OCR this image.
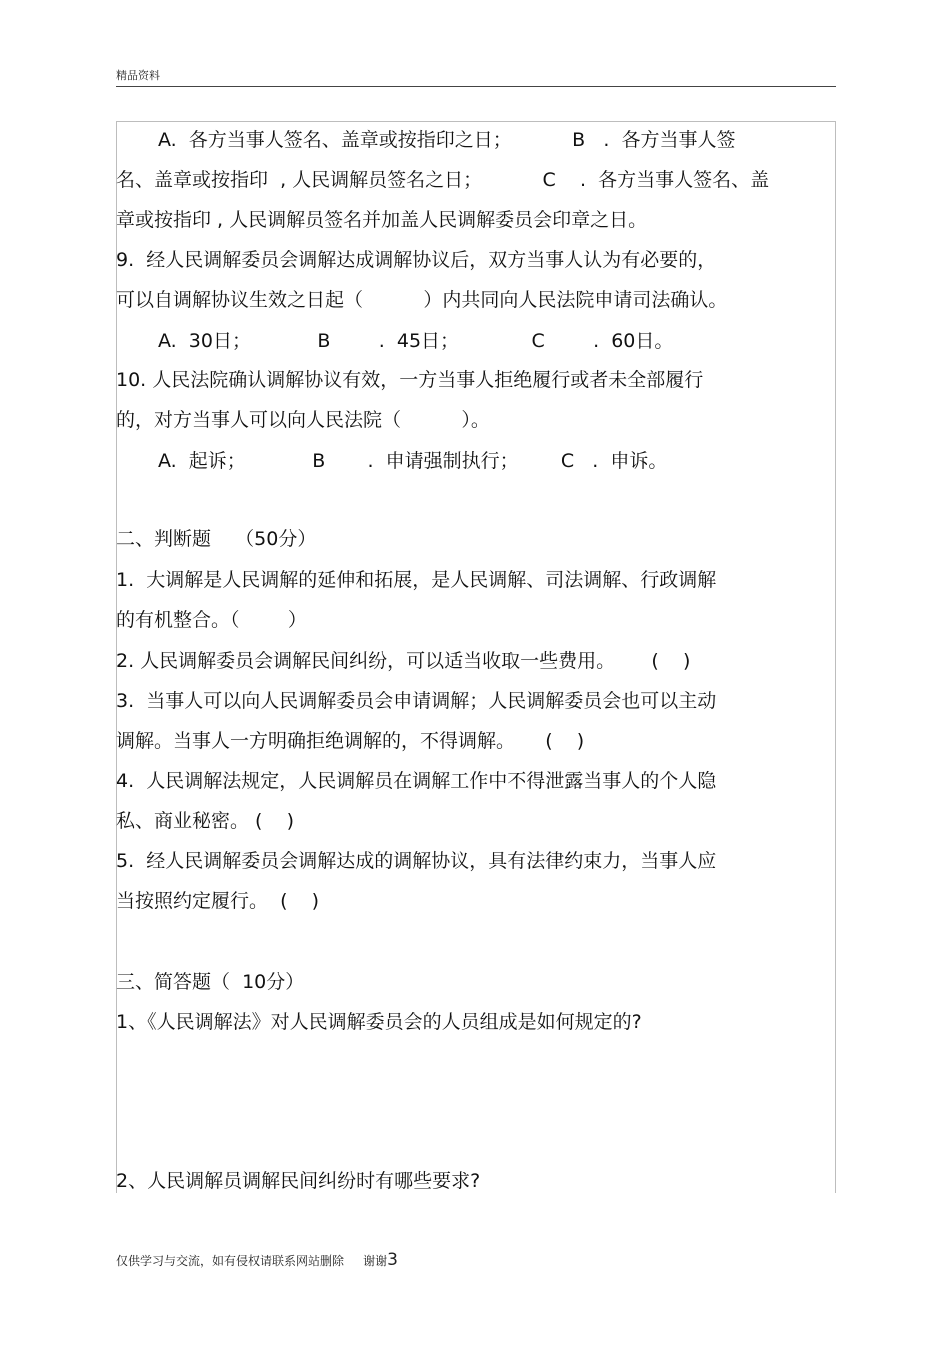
精品资料
A.  各方当事人签名、盖章或按指印之日；          B   .  各方当事人签
名、盖章或按指印  , 人民调解员签名之日；          C    .  各方当事人签名、盖
章或按指印 , 人民调解员签名并加盖人民调解委员会印章之日。
9.  经人民调解委员会调解达成调解协议后，双方当事人认为有必要的，
可以自调解协议生效之日起（          ）内共同向人民法院申请司法确认。
A.  30日；           B        .  45日；            C        .  60日。
10. 人民法院确认调解协议有效，一方当事人拒绝履行或者未全部履行
的，对方当事人可以向人民法院（          ）。
A.  起诉；           B       .  申请强制执行；       C   .  申诉。
二、判断题    （50分）
1.  大调解是人民调解的延伸和拓展，是人民调解、司法调解、行政调解
的有机整合。（        ）
2. 人民调解委员会调解民间纠纷，可以适当收取一些费用。      (    )
3.  当事人可以向人民调解委员会申请调解；人民调解委员会也可以主动
调解。当事人一方明确拒绝调解的，不得调解。     (    )
4.  人民调解法规定，人民调解员在调解工作中不得泄露当事人的个人隐
私、商业秘密。 (    )
5.  经人民调解委员会调解达成的调解协议，具有法律约束力，当事人应
当按照约定履行。  (    )
三、简答题（  10分）
1、《人民调解法》对人民调解委员会的人员组成是如何规定的?
2、人民调解员调解民间纠纷时有哪些要求?
仅供学习与交流，如有侵权请联系网站删除     谢谢3
